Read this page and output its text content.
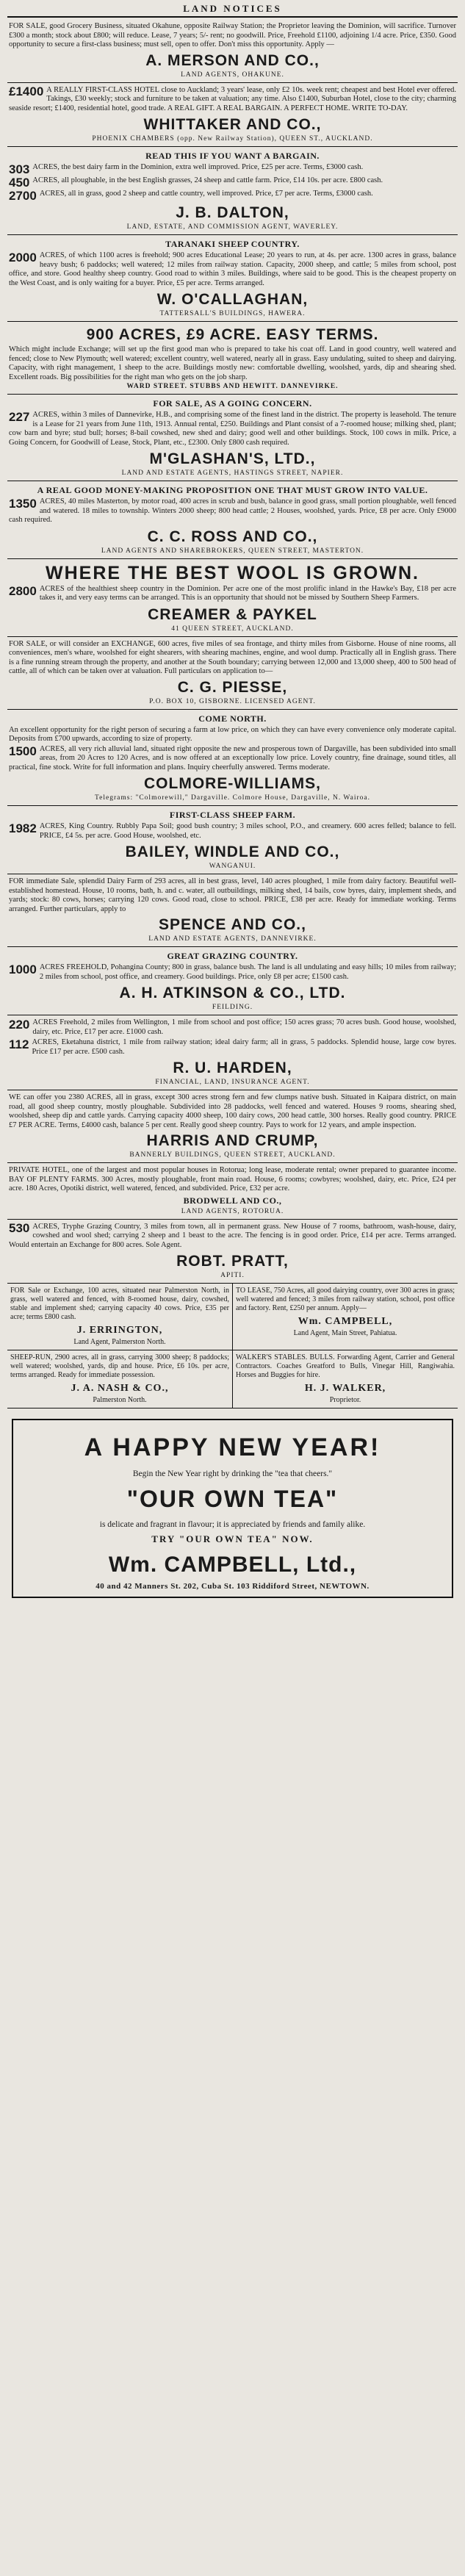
LAND NOTICES

FOR SALE, good Grocery Business, situated Okahune, opposite Railway Station; the Proprietor leaving the Dominion, will sacrifice. Turnover £300 a month; stock about £800; will reduce. Lease, 7 years; 5/- rent; no goodwill. Price, Freehold £1100, adjoining 1/4 acre. Price, £350. Good opportunity to secure a first-class business; must sell, open to offer. Don't miss this opportunity. Apply —

A. MERSON AND CO.,
LAND AGENTS, OHAKUNE.
£1400 A REALLY FIRST-CLASS HOTEL close to Auckland; 3 years' lease, only £2 10s. week rent; cheapest and best Hotel ever offered. Takings, £30 weekly; stock and furniture to be taken at valuation; any time. Also £1400, Suburban Hotel, close to the city; charming seaside resort; £1400, residential hotel, good trade. A REAL GIFT. A REAL BARGAIN. A PERFECT HOME. WRITE TO-DAY.

WHITTAKER AND CO.,
PHOENIX CHAMBERS (opp. New Railway Station), QUEEN ST., AUCKLAND.
READ THIS IF YOU WANT A BARGAIN.
303 ACRES, the best dairy farm in the Dominion, extra well improved. Price, £25 per acre. Terms, £3000 cash.

450 ACRES, all ploughable, in the best English grasses, 24 sheep and cattle farm. Price, £14 10s. per acre. £800 cash.

2700 ACRES, all in grass, good 2 sheep and cattle country, well improved. Price, £7 per acre. Terms, £3000 cash.

J. B. DALTON,
LAND, ESTATE, AND COMMISSION AGENT, WAVERLEY.
TARANAKI SHEEP COUNTRY.
2000 ACRES, of which 1100 acres is freehold; 900 acres Educational Lease; 20 years to run, at 4s. per acre. 1300 acres in grass, balance heavy bush; 6 paddocks; well watered; 12 miles from railway station. Capacity, 2000 sheep, and cattle; 5 miles from school, post office, and store. Good healthy sheep country. Good road to within 3 miles. Buildings, where said to be good. This is the cheapest property on the West Coast, and is only waiting for a buyer. Price, £5 per acre. Terms arranged.

W. O'CALLAGHAN,
TATTERSALL'S BUILDINGS, HAWERA.
900 ACRES, £9 ACRE. EASY TERMS.

Which might include Exchange; will set up the first good man who is prepared to take his coat off. Land in good country, well watered and fenced; close to New Plymouth; well watered; excellent country, well watered, nearly all in grass. Easy undulating, suited to sheep and dairying. Capacity, with right management, 1 sheep to the acre. Buildings mostly new: comfortable dwelling, woolshed, yards, dip and shearing shed. Excellent roads. Big possibilities for the right man who gets on the job sharp.

WARD STREET. STUBBS AND HEWITT. DANNEVIRKE.
FOR SALE, AS A GOING CONCERN.
227 ACRES, within 3 miles of Dannevirke, H.B., and comprising some of the finest land in the district. The property is leasehold. The tenure is a Lease for 21 years from June 11th, 1913. Annual rental, £250. Buildings and Plant consist of a 7-roomed house; milking shed, plant; cow barn and byre; stud bull; horses; 8-bail cowshed, new shed and dairy; good well and other buildings. Stock, 100 cows in milk. Price, a Going Concern, for Goodwill of Lease, Stock, Plant, etc., £2300. Only £800 cash required.

M'GLASHAN'S, LTD.,
LAND AND ESTATE AGENTS, HASTINGS STREET, NAPIER.
A REAL GOOD MONEY-MAKING PROPOSITION ONE THAT MUST GROW INTO VALUE.
1350 ACRES, 40 miles Masterton, by motor road, 400 acres in scrub and bush, balance in good grass, small portion ploughable, well fenced and watered. 18 miles to township. Winters 2000 sheep; 800 head cattle; 2 Houses, woolshed, yards. Price, £8 per acre. Only £9000 cash required.

C. C. ROSS AND CO.,
LAND AGENTS AND SHAREBROKERS, QUEEN STREET, MASTERTON.
WHERE THE BEST WOOL IS GROWN.
2800 ACRES of the healthiest sheep country in the Dominion. Per acre one of the most prolific inland in the Hawke's Bay, £18 per acre takes it, and very easy terms can be arranged. This is an opportunity that should not be missed by Southern Sheep Farmers.

CREAMER & PAYKEL
41 QUEEN STREET, AUCKLAND.

FOR SALE, or will consider an EXCHANGE, 600 acres, five miles of sea frontage, and thirty miles from Gisborne. House of nine rooms, all conveniences, men's whare, woolshed for eight shearers, with shearing machines, engine, and wool dump. Practically all in English grass. There is a fine running stream through the property, and another at the South boundary; carrying between 12,000 and 13,000 sheep, 400 to 500 head of cattle, all of which can be taken over at valuation. Full particulars on application to—

C. G. PIESSE,
P.O. BOX 10, GISBORNE. LICENSED AGENT.
COME NORTH.

An excellent opportunity for the right person of securing a farm at low price, on which they can have every convenience only moderate capital. Deposits from £700 upwards, according to size of property.

1500 ACRES, all very rich alluvial land, situated right opposite the new and prosperous town of Dargaville, has been subdivided into small areas, from 20 Acres to 120 Acres, and is now offered at an exceptionally low price. Lovely country, fine drainage, sound titles, all practical, fine stock. Write for full information and plans. Inquiry cheerfully answered. Terms moderate.

COLMORE-WILLIAMS,
Telegrams: "Colmorewill," Dargaville. Colmore House, Dargaville, N. Wairoa.
FIRST-CLASS SHEEP FARM.
1982 ACRES, King Country. Rubbly Papa Soil; good bush country; 3 miles school, P.O., and creamery. 600 acres felled; balance to fell. PRICE, £4 5s. per acre. Good House, woolshed, etc.

BAILEY, WINDLE AND CO.,
WANGANUI.

FOR immediate Sale, splendid Dairy Farm of 293 acres, all in best grass, level, 140 acres ploughed, 1 mile from dairy factory. Beautiful well-established homestead. House, 10 rooms, bath, h. and c. water, all outbuildings, milking shed, 14 bails, cow byres, dairy, implement sheds, and yards; stock: 80 cows, horses; carrying 120 cows. Good road, close to school. PRICE, £38 per acre. Ready for immediate working. Terms arranged. Further particulars, apply to

SPENCE AND CO.,
LAND AND ESTATE AGENTS, DANNEVIRKE.
GREAT GRAZING COUNTRY.
1000 ACRES FREEHOLD, Pohangina County; 800 in grass, balance bush. The land is all undulating and easy hills; 10 miles from railway; 2 miles from school, post office, and creamery. Good buildings. Price, only £8 per acre; £1500 cash.

A. H. ATKINSON & CO., LTD.
FEILDING.
220 ACRES Freehold, 2 miles from Wellington, 1 mile from school and post office; 150 acres grass; 70 acres bush. Good house, woolshed, dairy, etc. Price, £17 per acre. £1000 cash.

112 ACRES, Eketahuna district, 1 mile from railway station; ideal dairy farm; all in grass, 5 paddocks. Splendid house, large cow byres. Price £17 per acre. £500 cash.

R. U. HARDEN,
FINANCIAL, LAND, INSURANCE AGENT.

WE can offer you 2380 ACRES, all in grass, except 300 acres strong fern and few clumps native bush. Situated in Kaipara district, on main road, all good sheep country, mostly ploughable. Subdivided into 28 paddocks, well fenced and watered. Houses 9 rooms, shearing shed, woolshed, sheep dip and cattle yards. Carrying capacity 4000 sheep, 100 dairy cows, 200 head cattle, 300 horses. Really good country. PRICE £7 PER ACRE. Terms, £4000 cash, balance 5 per cent. Really good sheep country. Pays to work for 12 years, and ample inspection.

HARRIS AND CRUMP,
BANNERLY BUILDINGS, QUEEN STREET, AUCKLAND.

PRIVATE HOTEL, one of the largest and most popular houses in Rotorua; long lease, moderate rental; owner prepared to guarantee income. BAY OF PLENTY FARMS. 300 Acres, mostly ploughable, front main road. House, 6 rooms; cowbyres; woolshed, dairy, etc. Price, £24 per acre. 180 Acres, Opotiki district, well watered, fenced, and subdivided. Price, £32 per acre.

BRODWELL AND CO.,
LAND AGENTS, ROTORUA.
530 ACRES, Tryphe Grazing Country, 3 miles from town, all in permanent grass. New House of 7 rooms, bathroom, wash-house, dairy, cowshed and wool shed; carrying 2 sheep and 1 beast to the acre. The fencing is in good order. Price, £14 per acre. Terms arranged. Would entertain an Exchange for 800 acres. Sole Agent.

ROBT. PRATT,
APITI.

FOR Sale or Exchange, 100 acres, situated near Palmerston North, in grass, well watered and fenced, with 8-roomed house, dairy, cowshed, stable and implement shed; carrying capacity 40 cows. Price, £35 per acre; terms £800 cash.

J. ERRINGTON,

Land Agent, Palmerston North.

TO LEASE, 750 Acres, all good dairying country, over 300 acres in grass; well watered and fenced; 3 miles from railway station, school, post office and factory. Rent, £250 per annum. Apply—

Wm. CAMPBELL,

Land Agent, Main Street, Pahiatua.

SHEEP-RUN, 2900 acres, all in grass, carrying 3000 sheep; 8 paddocks; well watered; woolshed, yards, dip and house. Price, £6 10s. per acre, terms arranged. Ready for immediate possession.

J. A. NASH & CO.,

Palmerston North.

WALKER'S STABLES. BULLS. Forwarding Agent, Carrier and General Contractors. Coaches Greatford to Bulls, Vinegar Hill, Rangiwahia. Horses and Buggies for hire.

H. J. WALKER,

Proprietor.

A HAPPY NEW YEAR!

Begin the New Year right by drinking the "tea that cheers."

"OUR OWN TEA"

is delicate and fragrant in flavour; it is appreciated by friends and family alike.

TRY "OUR OWN TEA" NOW.

Wm. CAMPBELL, Ltd.,
40 and 42 Manners St. 202, Cuba St. 103 Riddiford Street, NEWTOWN.
